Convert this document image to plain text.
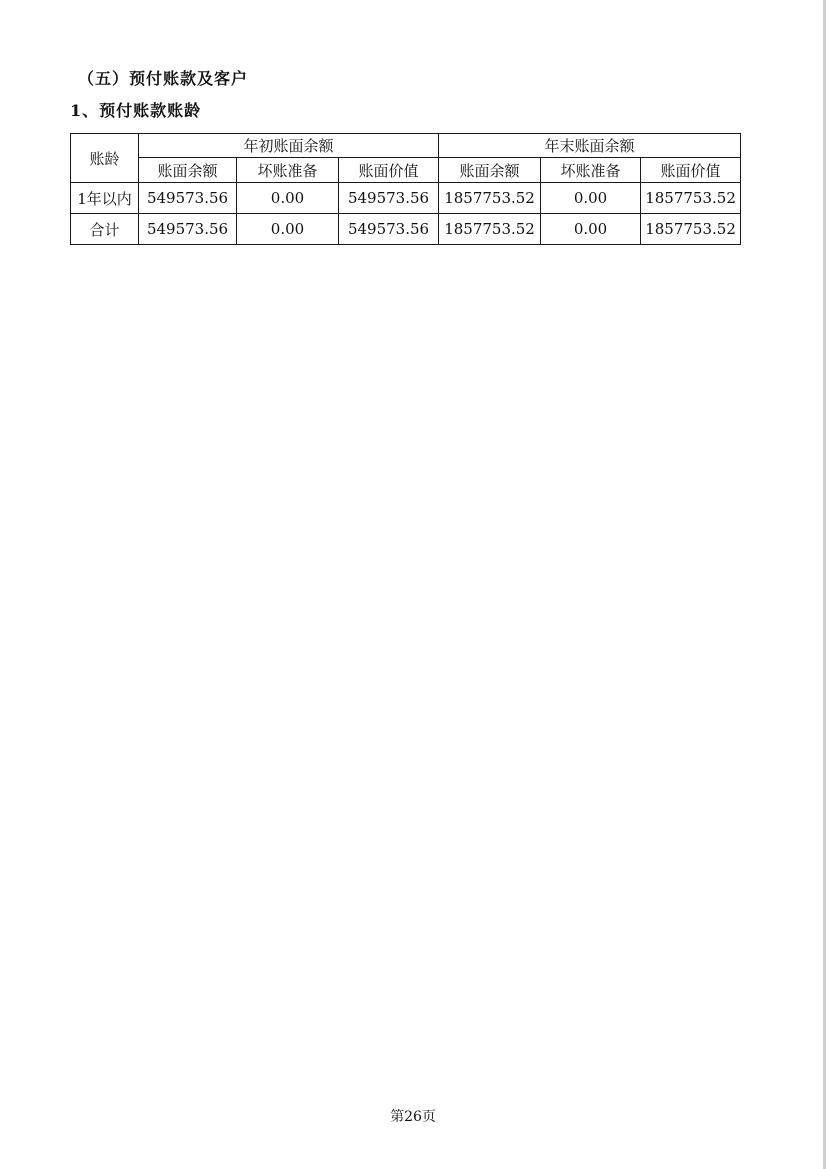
（五）预付账款及客户
1、预付账款账龄
账龄	年初账面余额			年末账面余额		
	账面余额	坏账准备	账面价值	账面余额	坏账准备	账面价值
1年以内	549573.56	0.00	549573.56	1857753.52	0.00	1857753.52
合计	549573.56	0.00	549573.56	1857753.52	0.00	1857753.52
第26页
